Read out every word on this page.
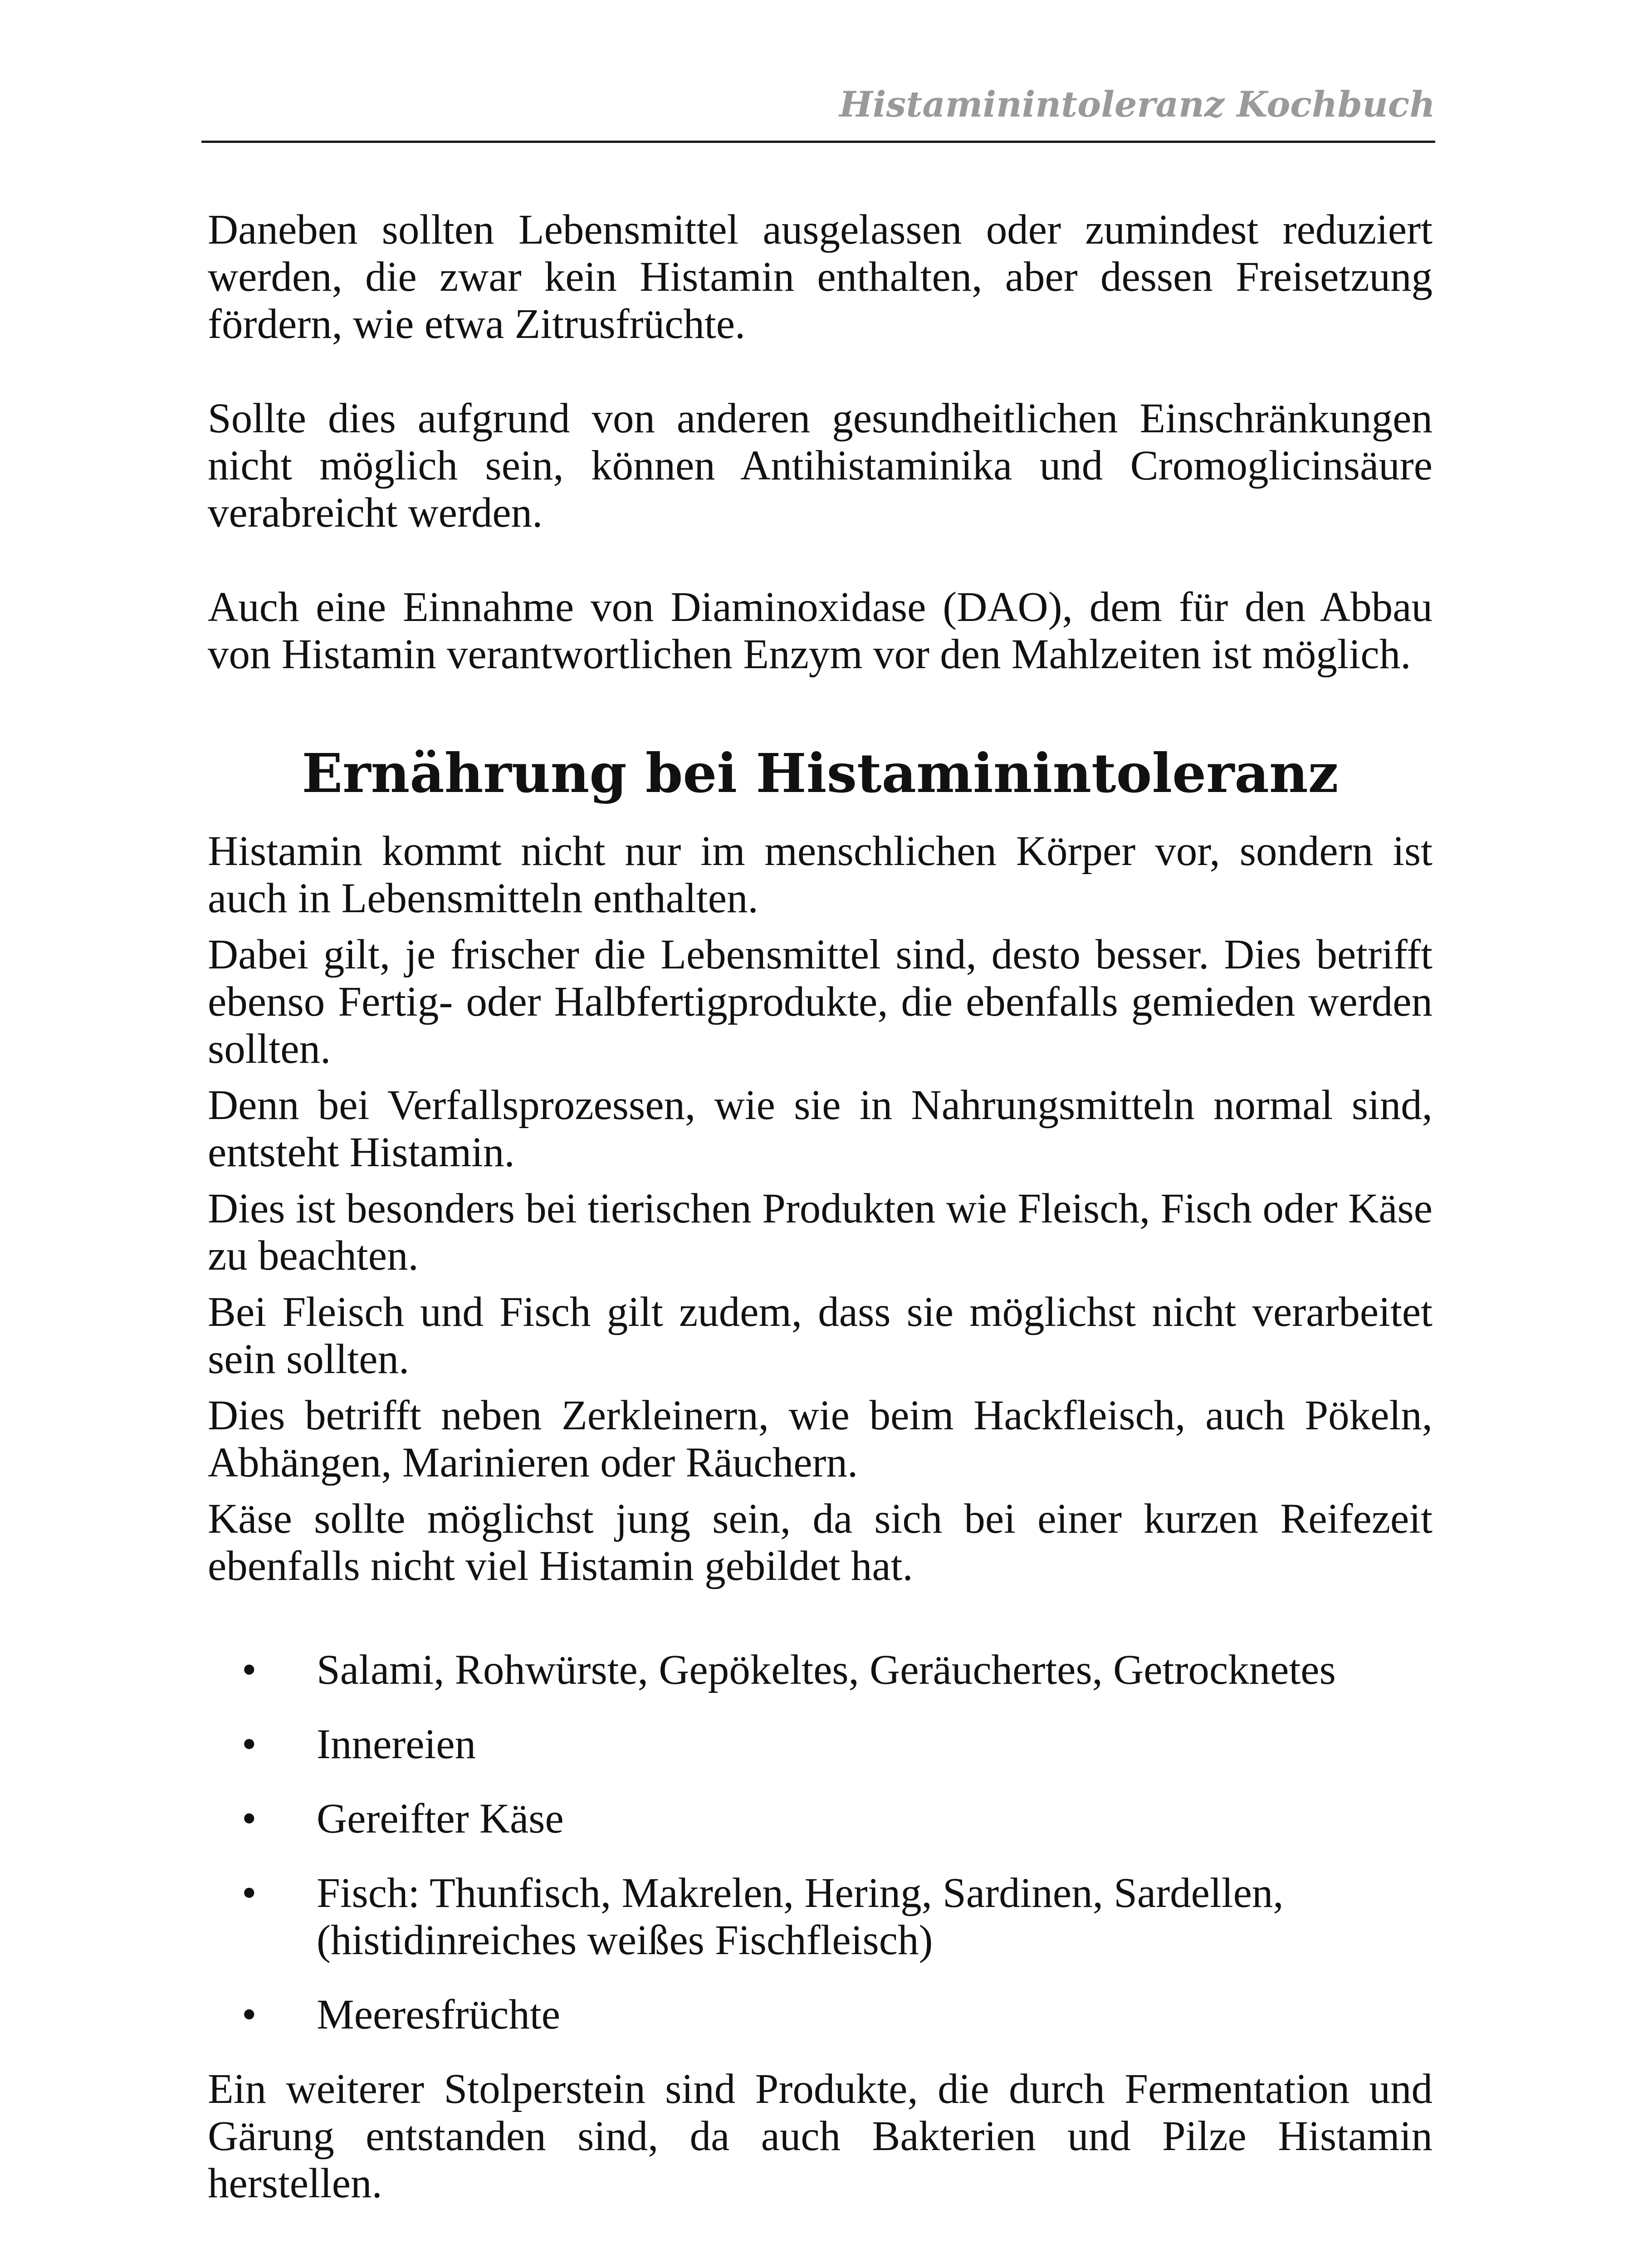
Histaminintoleranz Kochbuch

Daneben sollten Lebensmittel ausgelassen oder zumindest reduziert werden, die zwar kein Histamin enthalten, aber dessen Freisetzung fördern, wie etwa Zitrusfrüchte.

Sollte dies aufgrund von anderen gesundheitlichen Einschränkungen nicht möglich sein, können Antihistaminika und Cromoglicinsäure verabreicht werden.

Auch eine Einnahme von Diaminoxidase (DAO), dem für den Abbau von Histamin verantwortlichen Enzym vor den Mahlzeiten ist möglich.

Ernährung bei Histaminintoleranz

Histamin kommt nicht nur im menschlichen Körper vor, sondern ist auch in Lebensmitteln enthalten.

Dabei gilt, je frischer die Lebensmittel sind, desto besser. Dies betrifft ebenso Fertig- oder Halbfertigprodukte, die ebenfalls gemieden werden sollten.

Denn bei Verfallsprozessen, wie sie in Nahrungsmitteln normal sind, entsteht Histamin.

Dies ist besonders bei tierischen Produkten wie Fleisch, Fisch oder Käse zu beachten.

Bei Fleisch und Fisch gilt zudem, dass sie möglichst nicht verarbeitet sein sollten.

Dies betrifft neben Zerkleinern, wie beim Hackfleisch, auch Pökeln, Abhängen, Marinieren oder Räuchern.

Käse sollte möglichst jung sein, da sich bei einer kurzen Reifezeit ebenfalls nicht viel Histamin gebildet hat.

• Salami, Rohwürste, Gepökeltes, Geräuchertes, Getrocknetes
• Innereien
• Gereifter Käse
• Fisch: Thunfisch, Makrelen, Hering, Sardinen, Sardellen, (histidinreiches weißes Fischfleisch)
• Meeresfrüchte

Ein weiterer Stolperstein sind Produkte, die durch Fermentation und Gärung entstanden sind, da auch Bakterien und Pilze Histamin herstellen.
